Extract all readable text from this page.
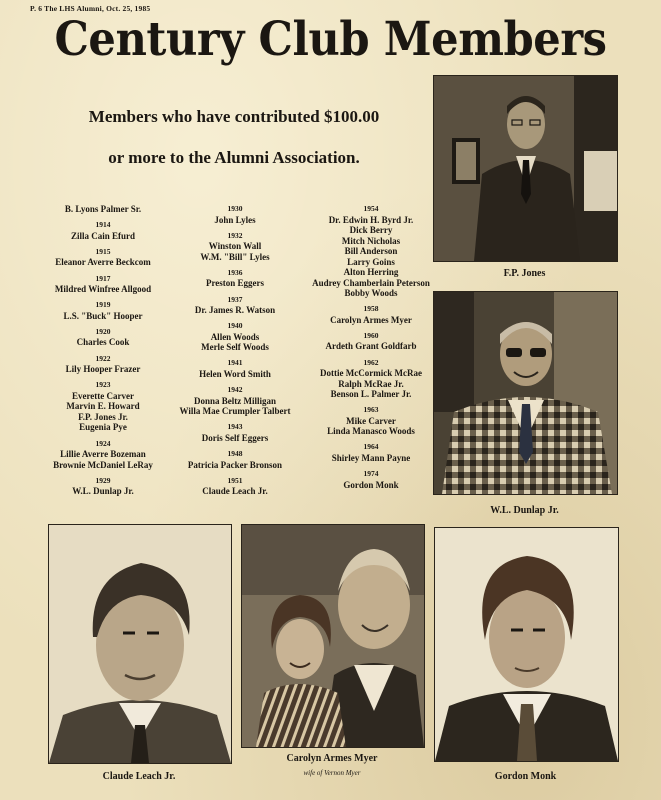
P. 6 The LHS Alumni, Oct. 25, 1985
Century Club Members
Members who have contributed $100.00
or more to the Alumni Association.
B. Lyons Palmer Sr.
1914
Zilla Cain Efurd
1915
Eleanor Averre Beckcom
1917
Mildred Winfree Allgood
1919
L.S. "Buck" Hooper
1920
Charles Cook
1922
Lily Hooper Frazer
1923
Everette Carver
Marvin E. Howard
F.P. Jones Jr.
Eugenia Pye
1924
Lillie Averre Bozeman
Brownie McDaniel LeRay
1929
W.L. Dunlap Jr.
1930
John Lyles
1932
Winston Wall
W.M. "Bill" Lyles
1936
Preston Eggers
1937
Dr. James R. Watson
1940
Allen Woods
Merle Self Woods
1941
Helen Word Smith
1942
Donna Beltz Milligan
Willa Mae Crumpler Talbert
1943
Doris Self Eggers
1948
Patricia Packer Bronson
1951
Claude Leach Jr.
1954
Dr. Edwin H. Byrd Jr.
Dick Berry
Mitch Nicholas
Bill Anderson
Larry Goins
Alton Herring
Audrey Chamberlain Peterson
Bobby Woods
1958
Carolyn Armes Myer
1960
Ardeth Grant Goldfarb
1962
Dottie McCormick McRae
Ralph McRae Jr.
Benson L. Palmer Jr.
1963
Mike Carver
Linda Manasco Woods
1964
Shirley Mann Payne
1974
Gordon Monk
F.P. Jones
W.L. Dunlap Jr.
Claude Leach Jr.
Carolyn Armes Myer
wife of Vernon Myer	Gordon Monk
